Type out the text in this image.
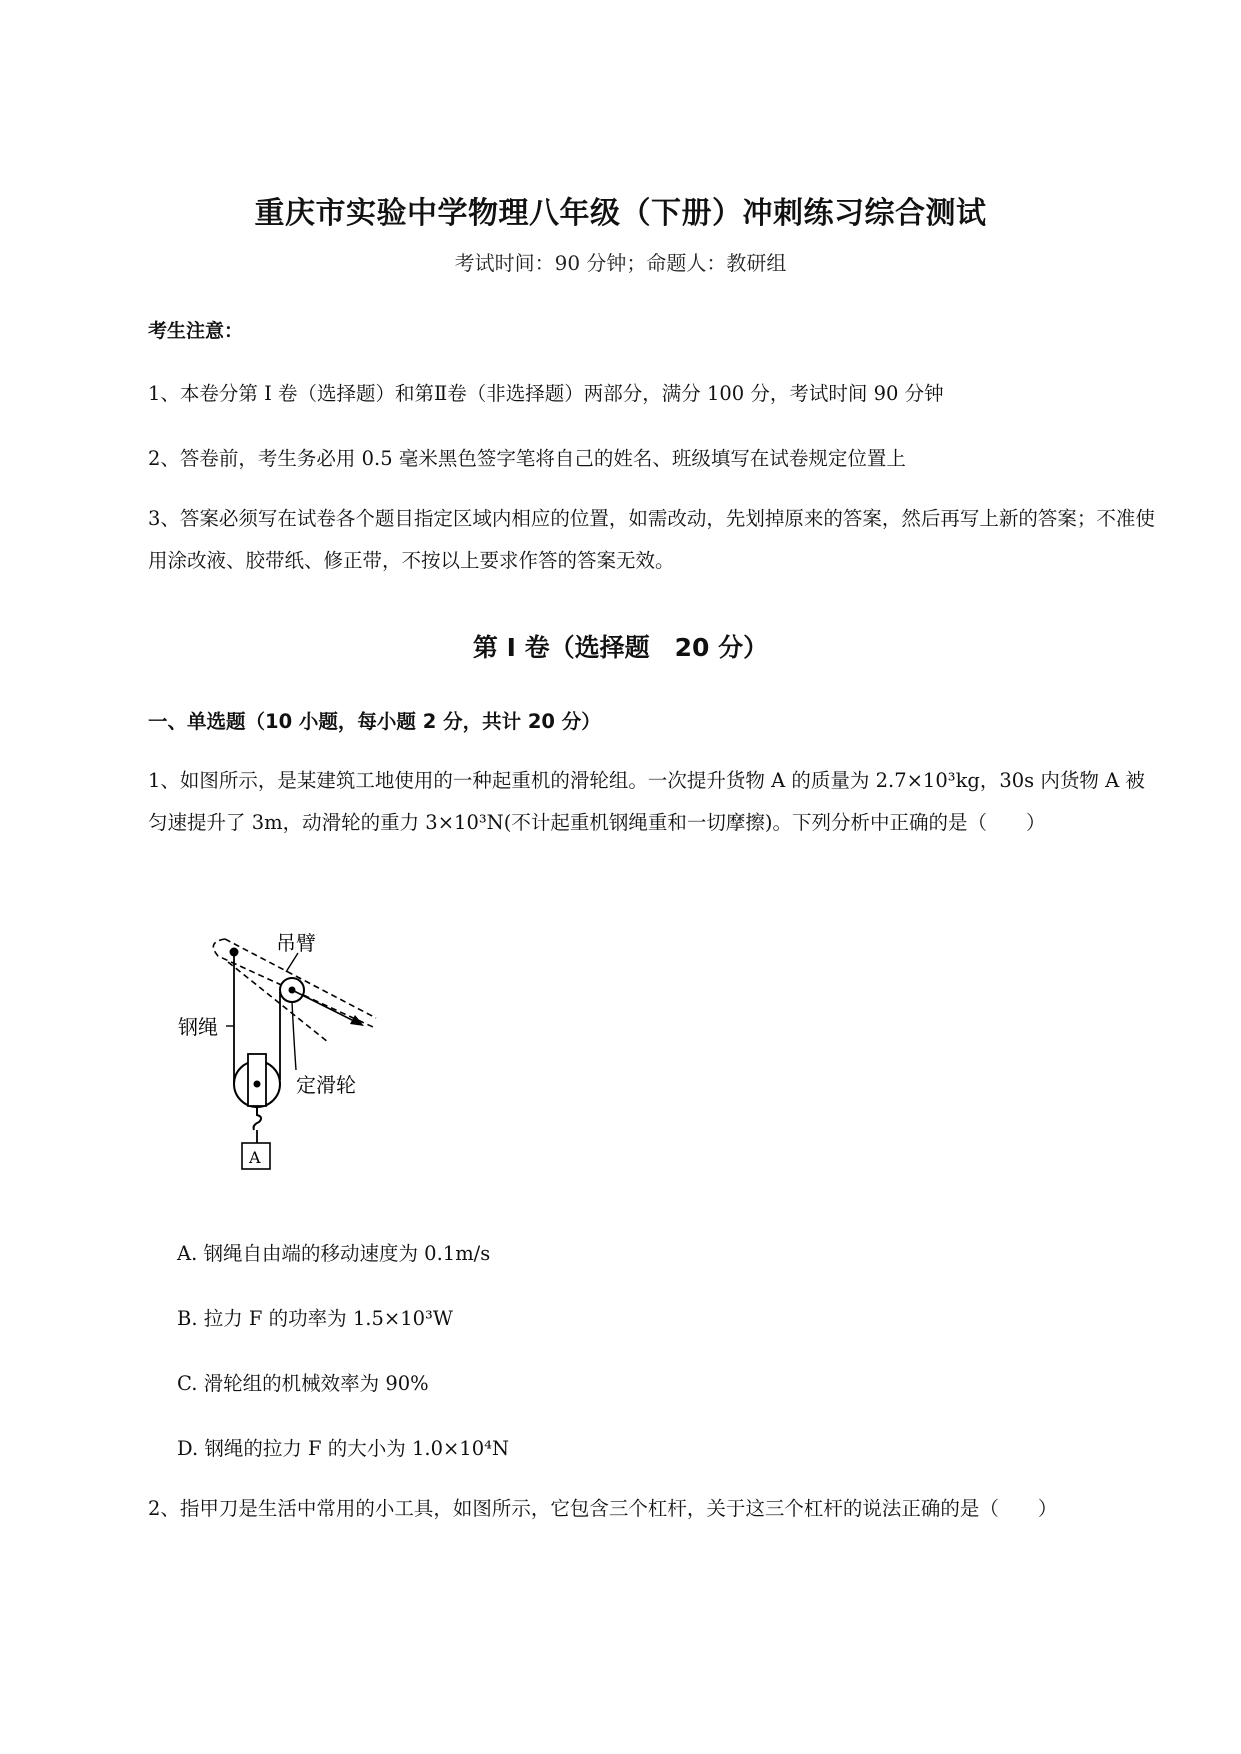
重庆市实验中学物理八年级（下册）冲刺练习综合测试
考试时间：90 分钟；命题人：教研组
考生注意：
1、本卷分第 I 卷（选择题）和第Ⅱ卷（非选择题）两部分，满分 100 分，考试时间 90 分钟
2、答卷前，考生务必用 0.5 毫米黑色签字笔将自己的姓名、班级填写在试卷规定位置上
3、答案必须写在试卷各个题目指定区域内相应的位置，如需改动，先划掉原来的答案，然后再写上新的答案；不准使用涂改液、胶带纸、修正带，不按以上要求作答的答案无效。
第 I 卷（选择题　20 分）
一、单选题（10 小题，每小题 2 分，共计 20 分）
1、如图所示，是某建筑工地使用的一种起重机的滑轮组。一次提升货物 A 的质量为 2.7×10³kg，30s 内货物 A 被匀速提升了 3m，动滑轮的重力 3×10³N(不计起重机钢绳重和一切摩擦)。下列分析中正确的是（　　）
吊臂
钢绳
定滑轮
A
A. 钢绳自由端的移动速度为 0.1m/s
B. 拉力 F 的功率为 1.5×10³W
C. 滑轮组的机械效率为 90%
D. 钢绳的拉力 F 的大小为 1.0×10⁴N
2、指甲刀是生活中常用的小工具，如图所示，它包含三个杠杆，关于这三个杠杆的说法正确的是（　　）
